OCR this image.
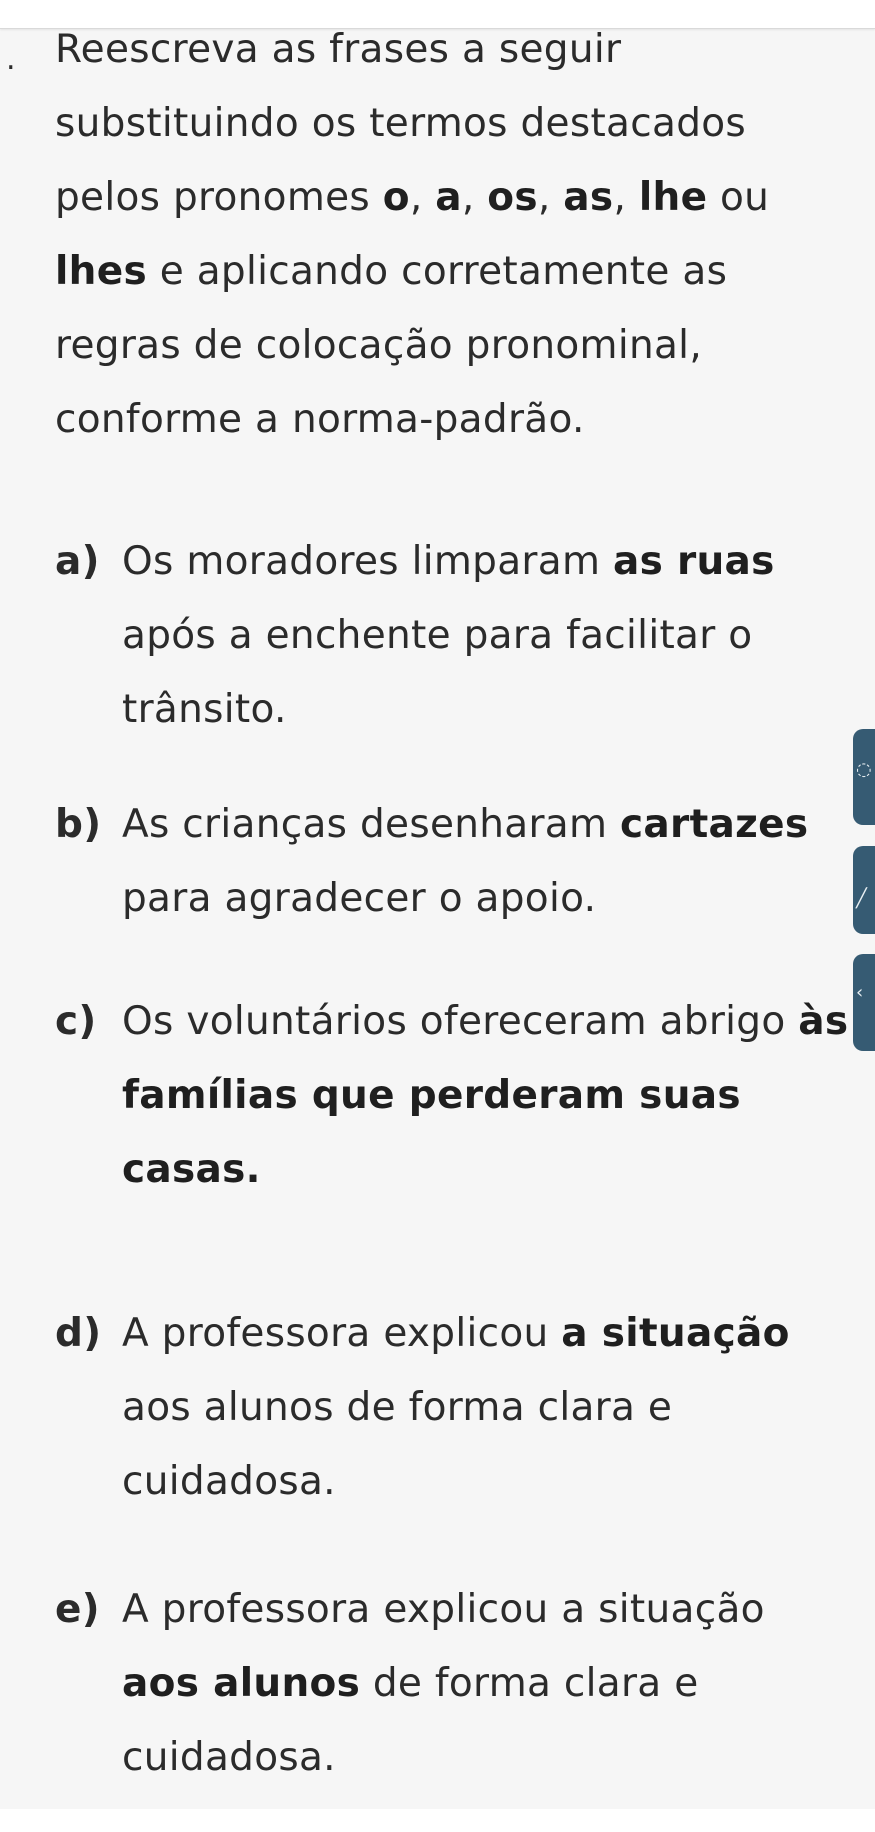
. Reescreva as frases a seguir substituindo os termos destacados pelos pronomes o, a, os, as, lhe ou lhes e aplicando corretamente as regras de colocação pronominal, conforme a norma-padrão.

a) Os moradores limparam as ruas após a enchente para facilitar o trânsito.
b) As crianças desenharam cartazes para agradecer o apoio.
c) Os voluntários ofereceram abrigo às famílias que perderam suas casas.
d) A professora explicou a situação aos alunos de forma clara e cuidadosa.
e) A professora explicou a situação aos alunos de forma clara e cuidadosa.
◌
╱
‹
